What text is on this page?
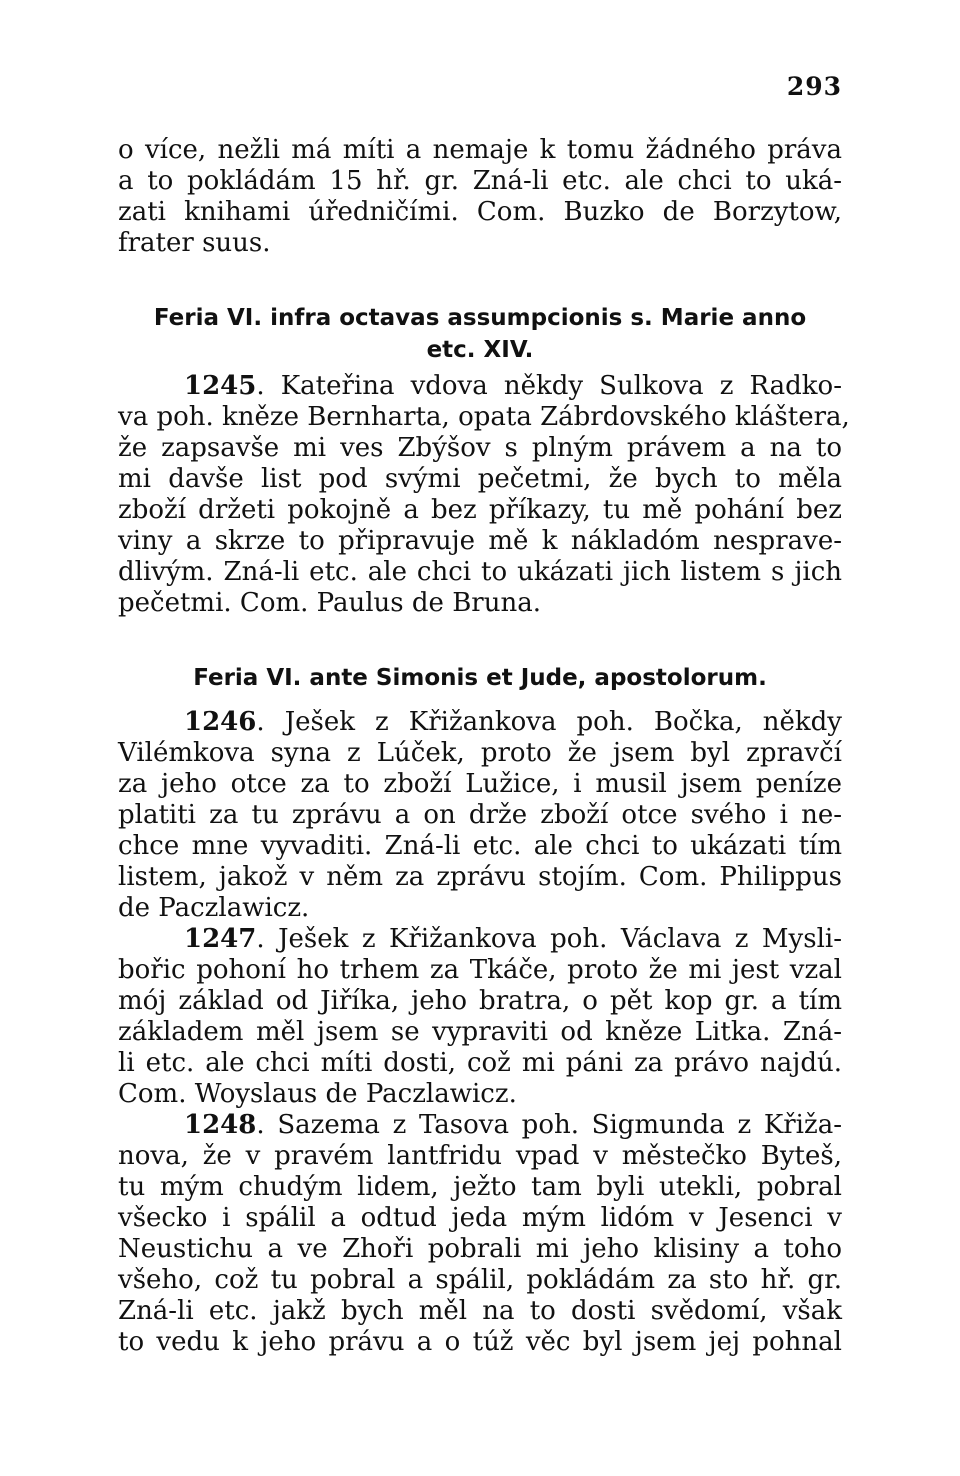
293
o více, nežli má míti a nemaje k tomu žádného práva
a to pokládám 15 hř. gr. Zná-li etc. ale chci to uká-
zati knihami úředničími. Com. Buzko de Borzytow,
frater suus.
Feria VI. infra octavas assumpcionis s. Marie anno
etc. XIV.
1245. Kateřina vdova někdy Sulkova z Radko-
va poh. kněze Bernharta, opata Zábrdovského kláštera,
že zapsavše mi ves Zbýšov s plným právem a na to
mi davše list pod svými pečetmi, že bych to měla
zboží držeti pokojně a bez příkazy, tu mě pohání bez
viny a skrze to připravuje mě k nákladóm nesprave-
dlivým. Zná-li etc. ale chci to ukázati jich listem s jich
pečetmi. Com. Paulus de Bruna.
Feria VI. ante Simonis et Jude, apostolorum.
1246. Ješek z Křižankova poh. Bočka, někdy
Vilémkova syna z Lúček, proto že jsem byl zpravčí
za jeho otce za to zboží Lužice, i musil jsem peníze
platiti za tu zprávu a on drže zboží otce svého i ne-
chce mne vyvaditi. Zná-li etc. ale chci to ukázati tím
listem, jakož v něm za zprávu stojím. Com. Philippus
de Paczlawicz.
1247. Ješek z Křižankova poh. Václava z Mysli-
bořic pohoní ho trhem za Tkáče, proto že mi jest vzal
mój základ od Jiříka, jeho bratra, o pět kop gr. a tím
základem měl jsem se vypraviti od kněze Litka. Zná-
li etc. ale chci míti dosti, což mi páni za právo najdú.
Com. Woyslaus de Paczlawicz.
1248. Sazema z Tasova poh. Sigmunda z Křiža-
nova, že v pravém lantfridu vpad v městečko Byteš,
tu mým chudým lidem, ježto tam byli utekli, pobral
všecko i spálil a odtud jeda mým lidóm v Jesenci v
Neustichu a ve Zhoři pobrali mi jeho klisiny a toho
všeho, což tu pobral a spálil, pokládám za sto hř. gr.
Zná-li etc. jakž bych měl na to dosti svědomí, však
to vedu k jeho právu a o túž věc byl jsem jej pohnal
